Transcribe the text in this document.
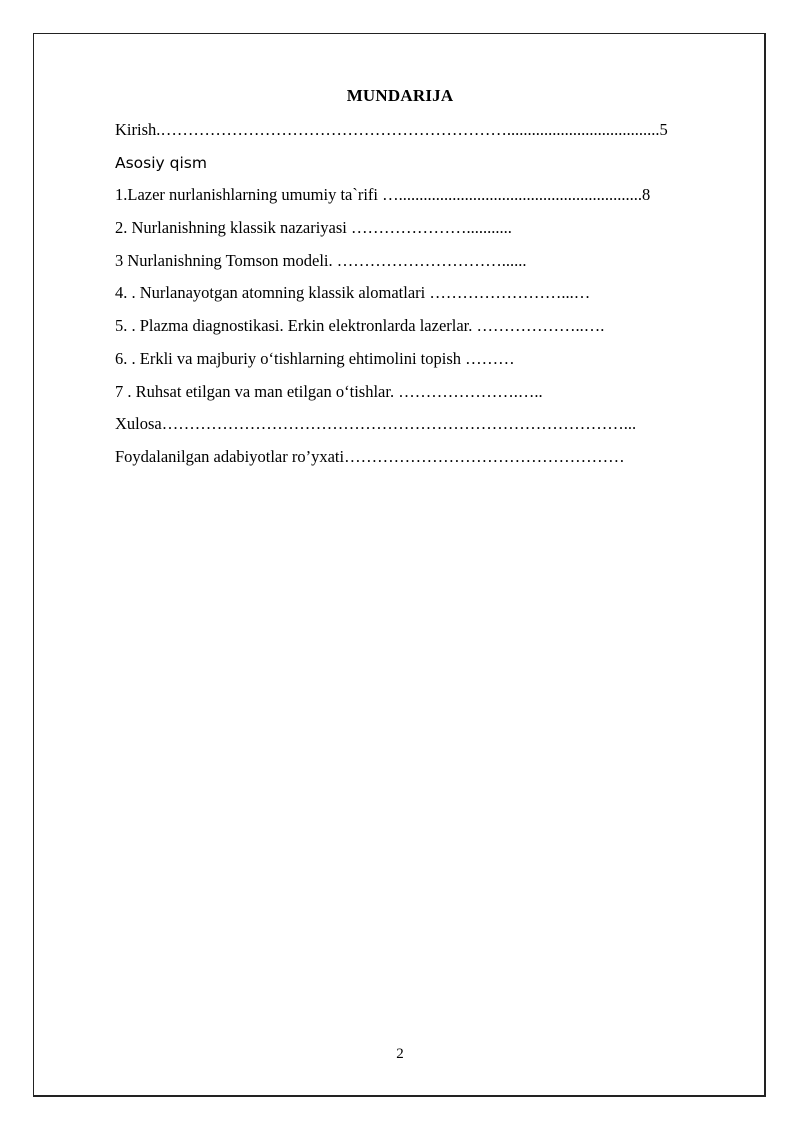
MUNDARIJA
Kirish.……………………………………………………….....................................5
Asosiy qism
1.Lazer nurlanishlarning umumiy ta`rifi …...........................................................8
2. Nurlanishning klassik nazariyasi …………………...........
3 Nurlanishning Tomson modeli. …………………………......
4. . Nurlanayotgan atomning klassik alomatlari ……………………...…
5. . Plazma diagnostikasi. Erkin elektronlarda lazerlar. ………………..….
6. . Erkli va majburiy o‘tishlarning ehtimolini topish ………
7 . Ruhsat etilgan va man etilgan o‘tishlar. ………………….…..
Xulosa…………………………………………………………………………...
Foydalanilgan adabiyotlar ro’yxati……………………………………………
2
